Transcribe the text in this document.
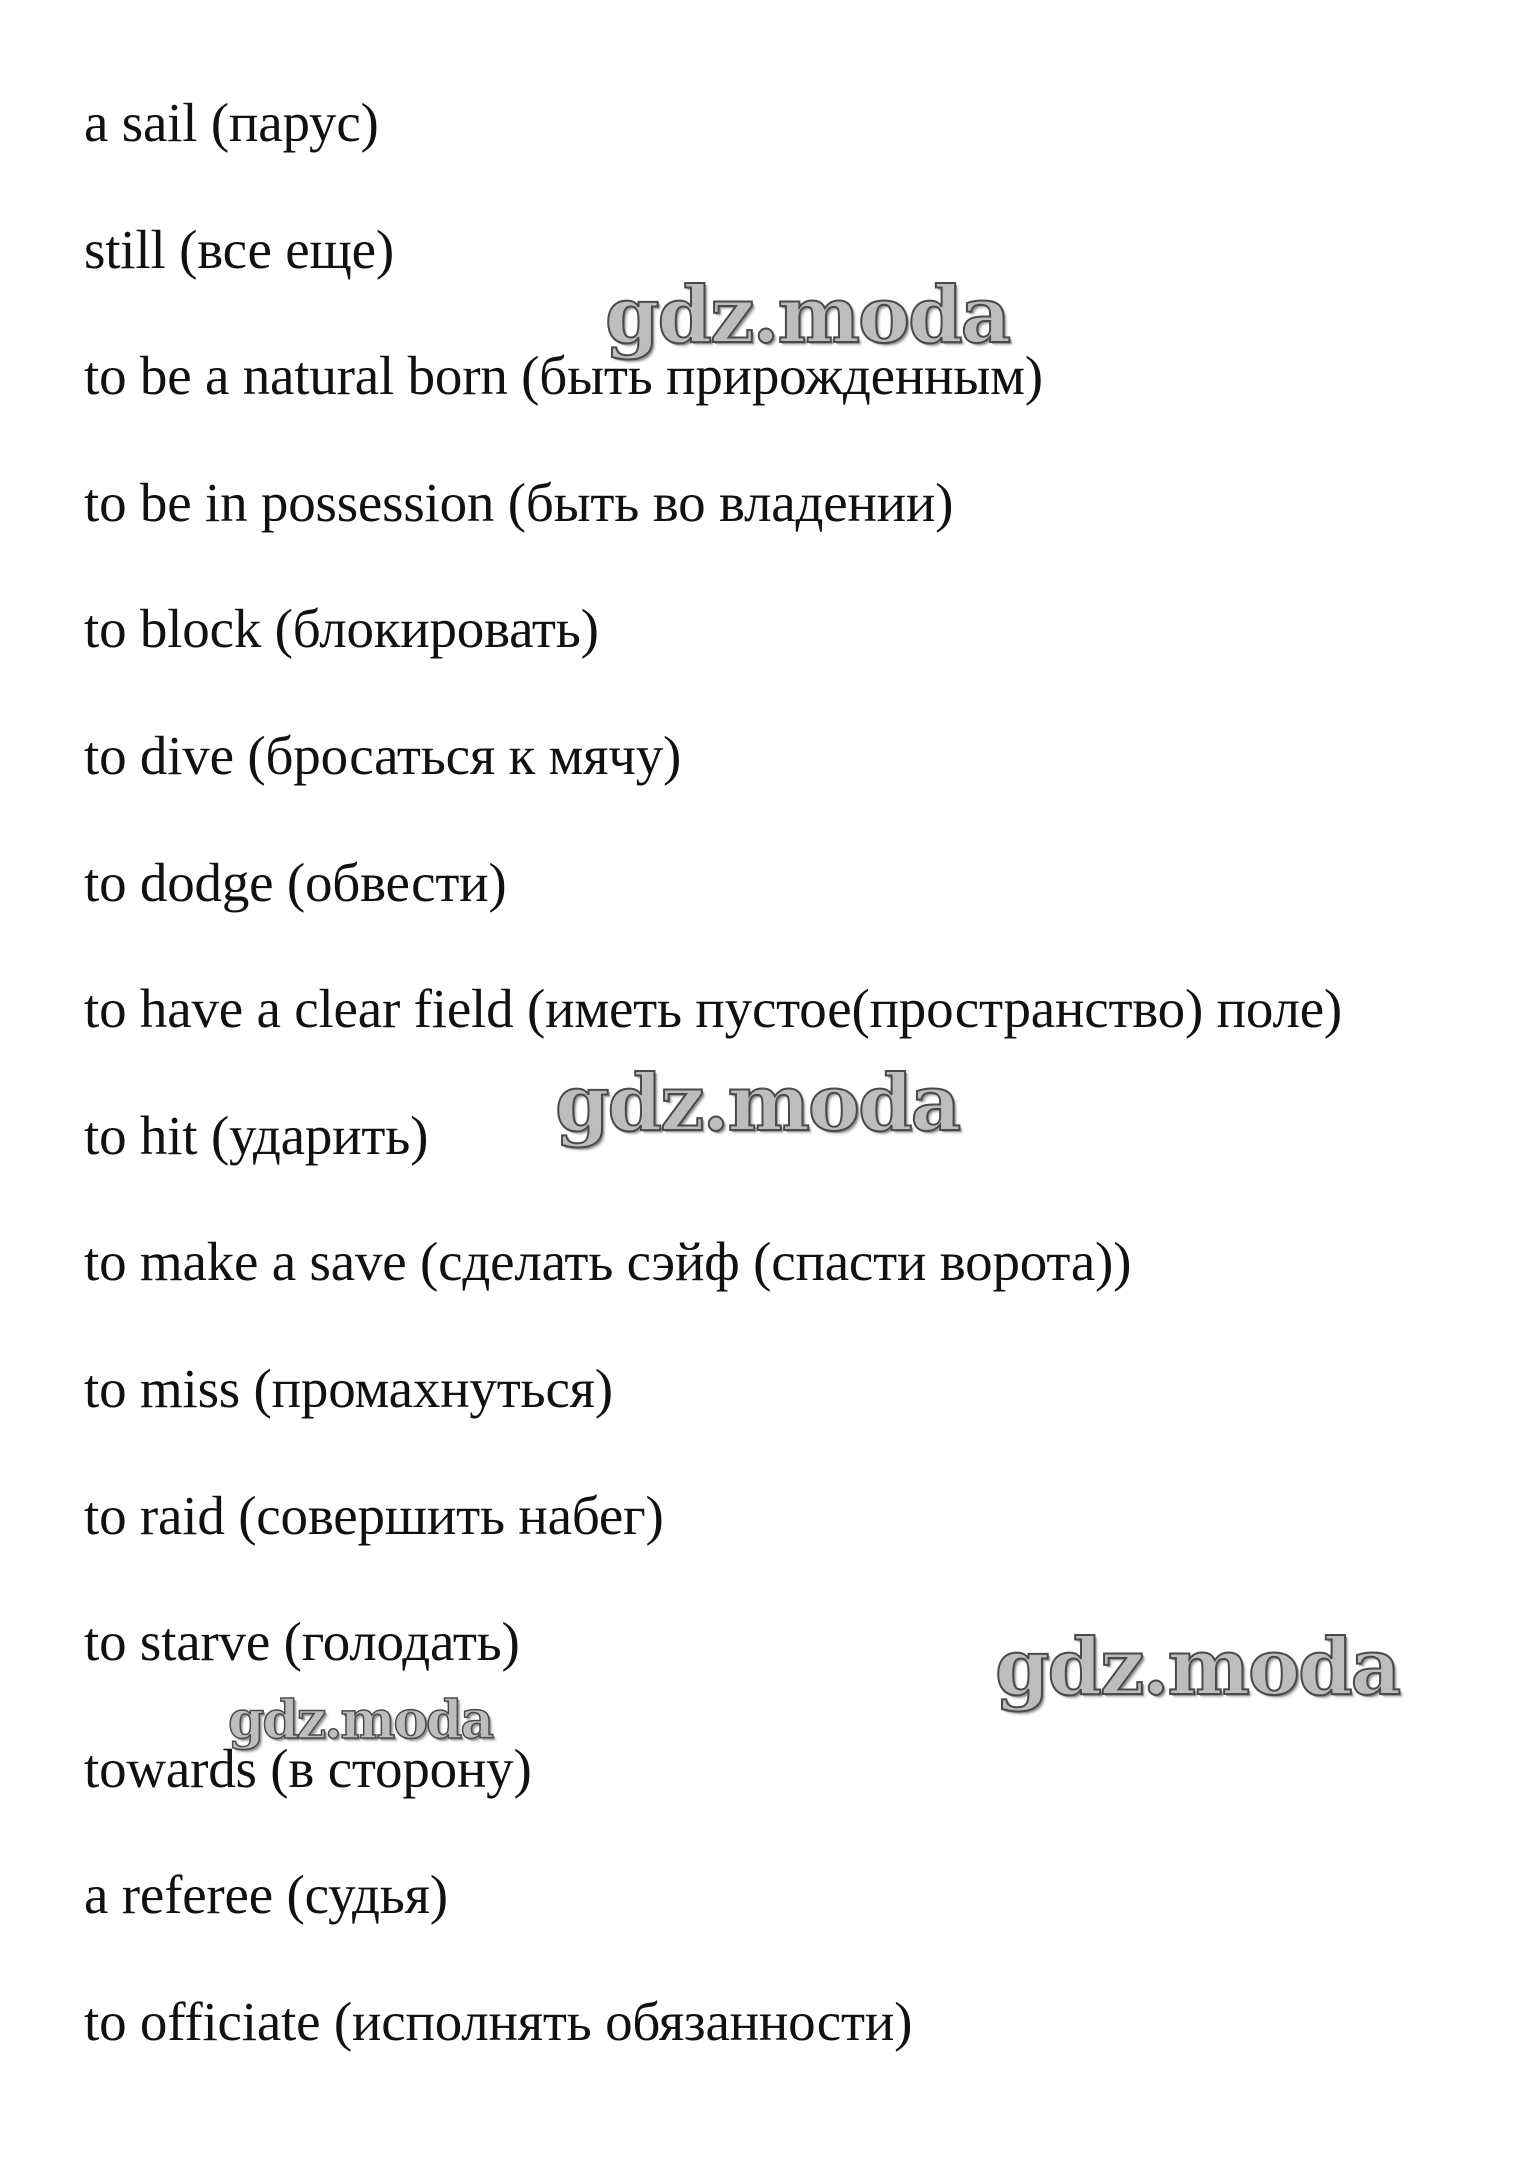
a sail (парус)
still (все еще)
to be a natural born (быть прирожденным)
to be in possession (быть во владении)
to block (блокировать)
to dive (бросаться к мячу)
to dodge (обвести)
to have a clear field (иметь пустое(пространство) поле)
to hit (ударить)
to make a save (сделать сэйф (спасти ворота))
to miss (промахнуться)
to raid (совершить набег)
to starve (голодать)
towards (в сторону)
a referee (судья)
to officiate (исполнять обязанности)
gdz.moda
gdz.moda
gdz.moda
gdz.moda
